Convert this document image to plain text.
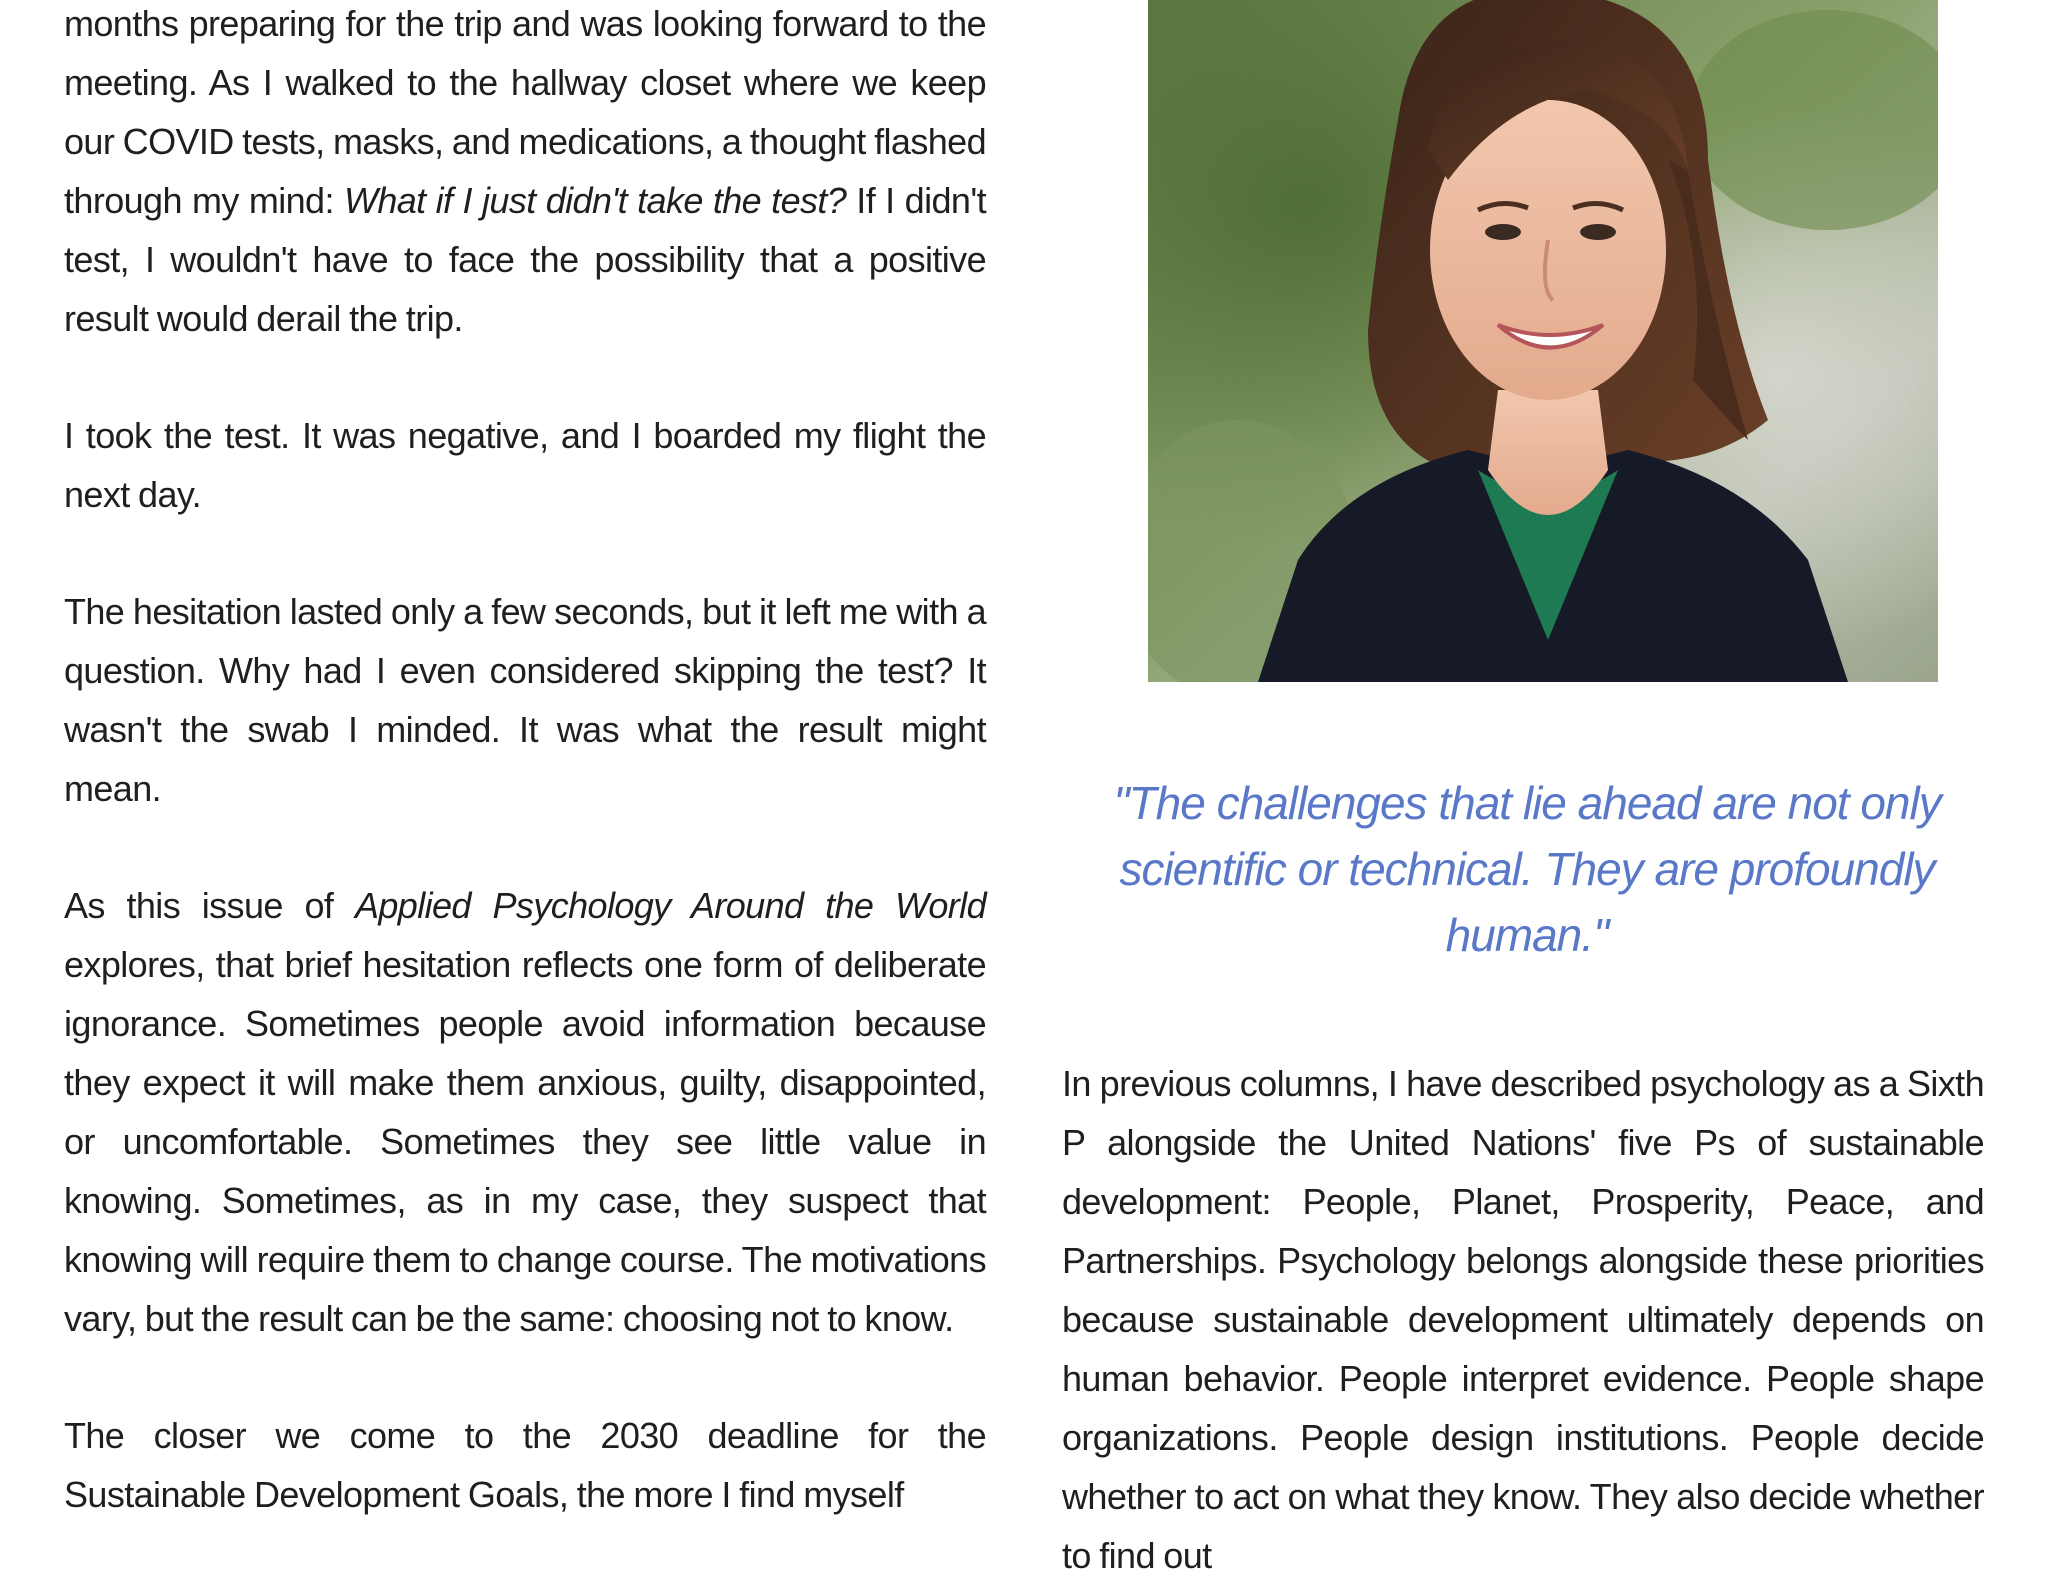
months preparing for the trip and was looking forward to the meeting. As I walked to the hallway closet where we keep our COVID tests, masks, and medications, a thought flashed through my mind: What if I just didn't take the test? If I didn't test, I wouldn't have to face the possibility that a positive result would derail the trip.

I took the test. It was negative, and I boarded my flight the next day.

The hesitation lasted only a few seconds, but it left me with a question. Why had I even considered skipping the test? It wasn't the swab I minded. It was what the result might mean.

As this issue of Applied Psychology Around the World explores, that brief hesitation reflects one form of deliberate ignorance. Sometimes people avoid information because they expect it will make them anxious, guilty, disappointed, or uncomfortable. Sometimes they see little value in knowing. Sometimes, as in my case, they suspect that knowing will require them to change course. The motivations vary, but the result can be the same: choosing not to know.

The closer we come to the 2030 deadline for the Sustainable Development Goals, the more I find myself

"The challenges that lie ahead are not only scientific or technical. They are profoundly human."

In previous columns, I have described psychology as a Sixth P alongside the United Nations' five Ps of sustainable development: People, Planet, Prosperity, Peace, and Partnerships. Psychology belongs alongside these priorities because sustainable development ultimately depends on human behavior. People interpret evidence. People shape organizations. People design institutions. People decide whether to act on what they know. They also decide whether to find out
